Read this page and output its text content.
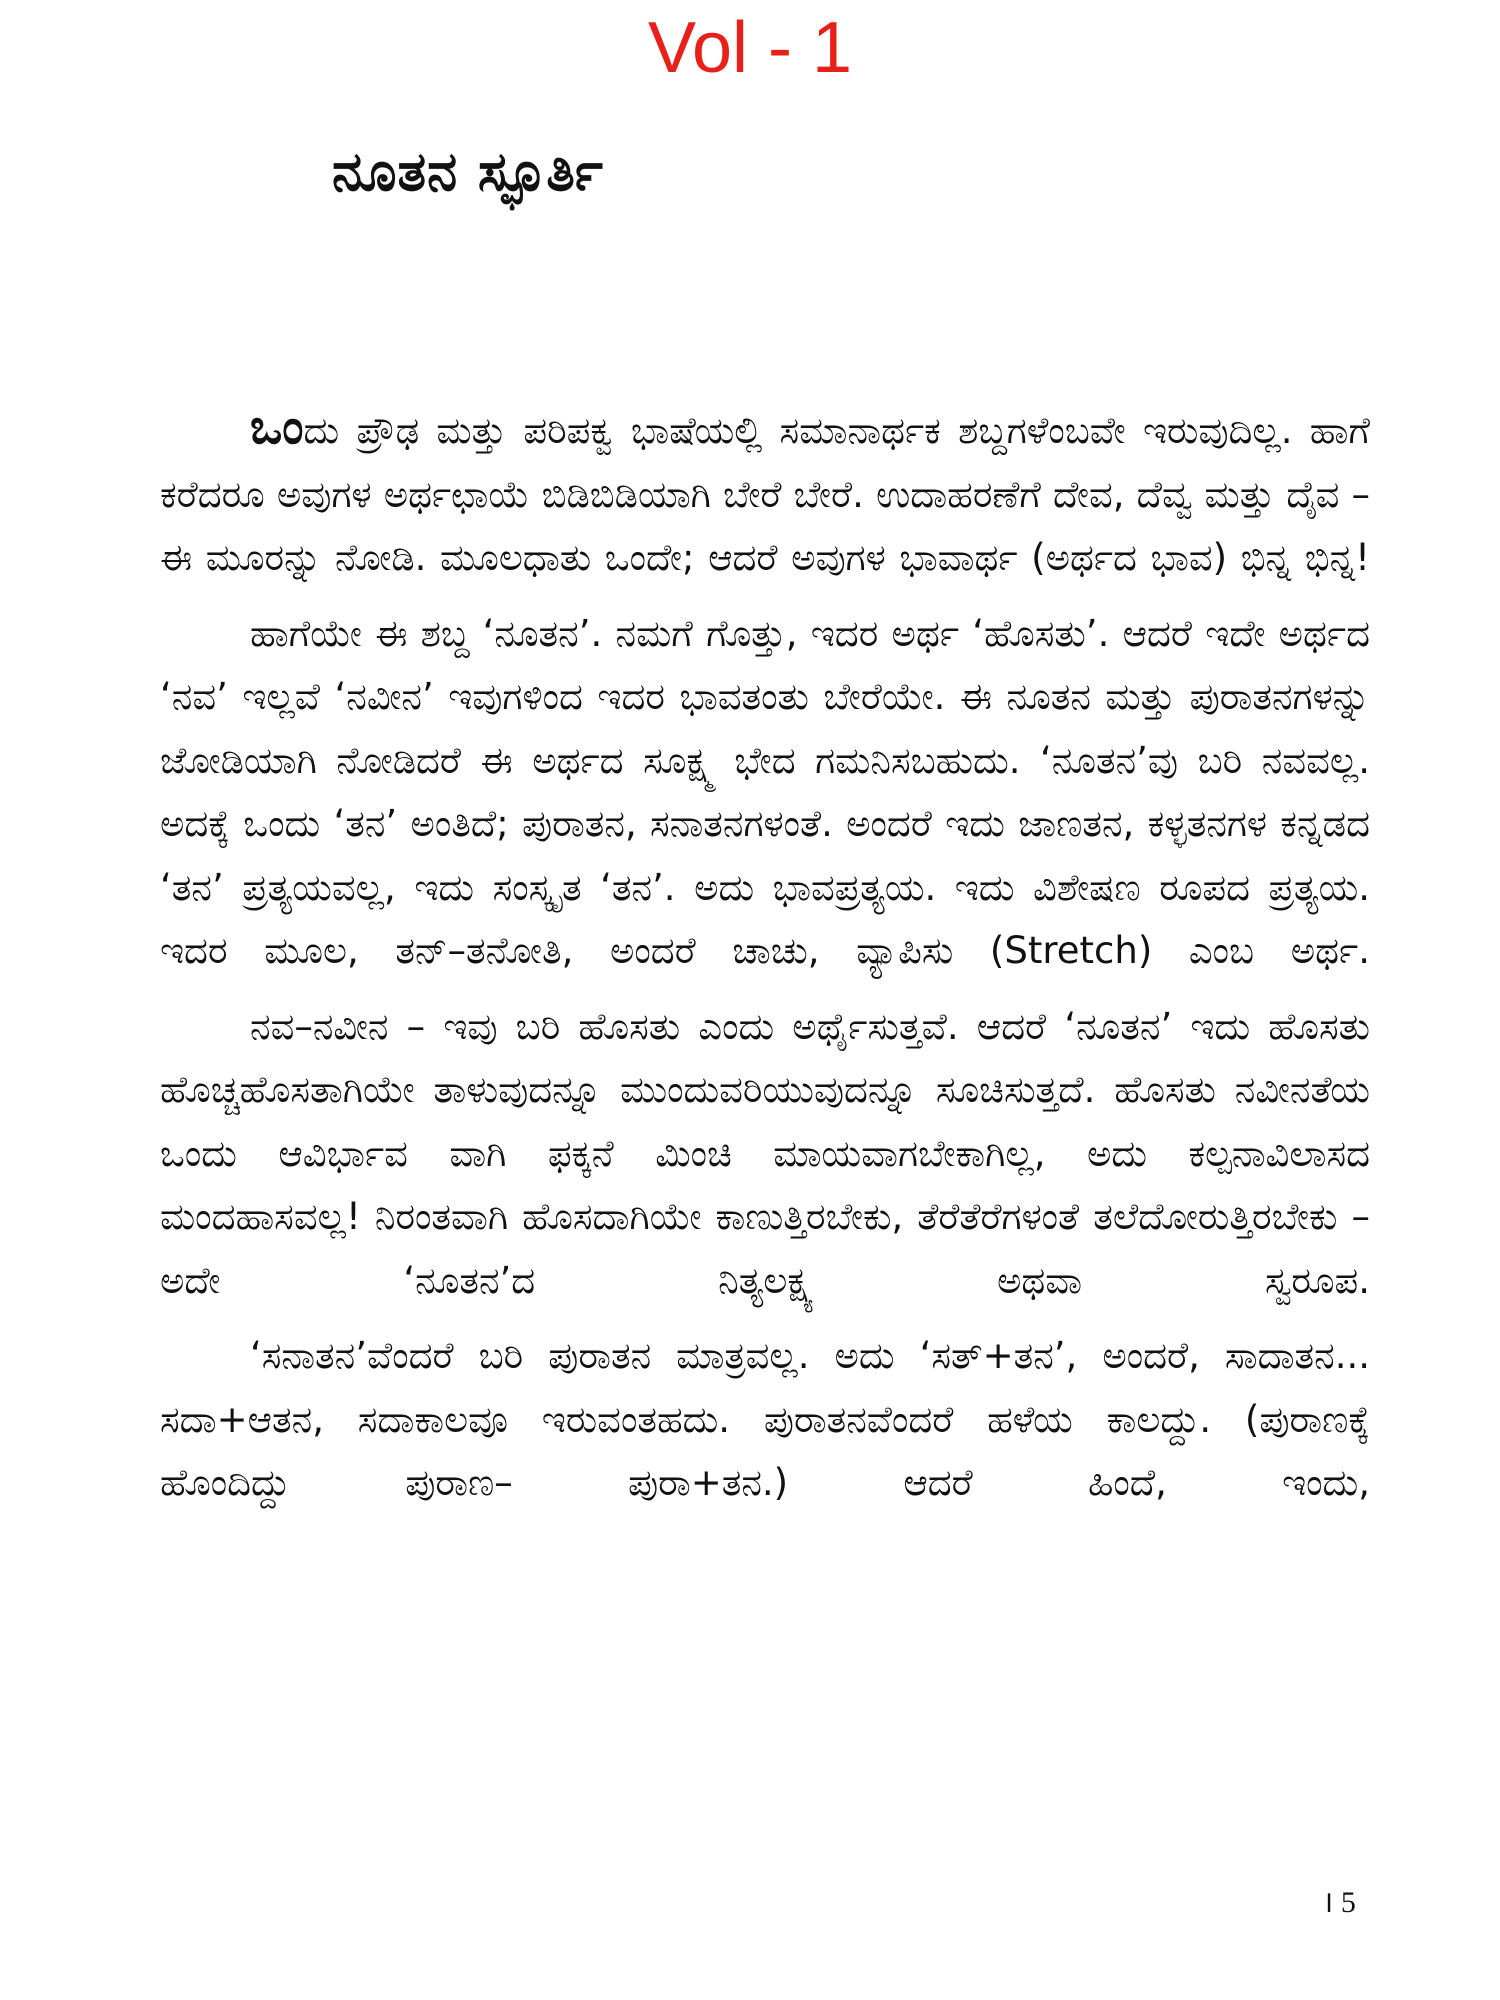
Vol - 1
ನೂತನ ಸ್ಫೂರ್ತಿ

ಒಂದು ಪ್ರೌಢ ಮತ್ತು ಪರಿಪಕ್ವ ಭಾಷೆಯಲ್ಲಿ ಸಮಾನಾರ್ಥಕ ಶಬ್ದಗಳೆಂಬವೇ ಇರುವುದಿಲ್ಲ. ಹಾಗೆ ಕರೆದರೂ ಅವುಗಳ ಅರ್ಥಛಾಯೆ ಬಿಡಿಬಿಡಿಯಾಗಿ ಬೇರೆ ಬೇರೆ. ಉದಾಹರಣೆಗೆ ದೇವ, ದೆವ್ವ ಮತ್ತು ದೈವ – ಈ ಮೂರನ್ನು ನೋಡಿ. ಮೂಲಧಾತು ಒಂದೇ; ಆದರೆ ಅವುಗಳ ಭಾವಾರ್ಥ (ಅರ್ಥದ ಭಾವ) ಭಿನ್ನ ಭಿನ್ನ!

ಹಾಗೆಯೇ ಈ ಶಬ್ದ ‘ನೂತನ’. ನಮಗೆ ಗೊತ್ತು, ಇದರ ಅರ್ಥ ‘ಹೊಸತು’. ಆದರೆ ಇದೇ ಅರ್ಥದ ‘ನವ’ ಇಲ್ಲವೆ ‘ನವೀನ’ ಇವುಗಳಿಂದ ಇದರ ಭಾವತಂತು ಬೇರೆಯೇ. ಈ ನೂತನ ಮತ್ತು ಪುರಾತನಗಳನ್ನು ಜೋಡಿಯಾಗಿ ನೋಡಿದರೆ ಈ ಅರ್ಥದ ಸೂಕ್ಷ್ಮ ಭೇದ ಗಮನಿಸಬಹುದು. ‘ನೂತನ’ವು ಬರಿ ನವವಲ್ಲ. ಅದಕ್ಕೆ ಒಂದು ‘ತನ’ ಅಂತಿದೆ; ಪುರಾತನ, ಸನಾತನಗಳಂತೆ. ಅಂದರೆ ಇದು ಜಾಣತನ, ಕಳ್ಳತನಗಳ ಕನ್ನಡದ ‘ತನ’ ಪ್ರತ್ಯಯವಲ್ಲ, ಇದು ಸಂಸ್ಕೃತ ‘ತನ’. ಅದು ಭಾವಪ್ರತ್ಯಯ. ಇದು ವಿಶೇಷಣ ರೂಪದ ಪ್ರತ್ಯಯ. ಇದರ ಮೂಲ, ತನ್–ತನೋತಿ, ಅಂದರೆ ಚಾಚು, ವ್ಯಾಪಿಸು (Stretch) ಎಂಬ ಅರ್ಥ.

ನವ–ನವೀನ – ಇವು ಬರಿ ಹೊಸತು ಎಂದು ಅರ್ಥೈಸುತ್ತವೆ. ಆದರೆ ‘ನೂತನ’ ಇದು ಹೊಸತು ಹೊಚ್ಚಹೊಸತಾಗಿಯೇ ತಾಳುವುದನ್ನೂ ಮುಂದುವರಿಯುವುದನ್ನೂ ಸೂಚಿಸುತ್ತದೆ. ಹೊಸತು ನವೀನತೆಯ ಒಂದು ಆವಿರ್ಭಾವ ವಾಗಿ ಫಕ್ಕನೆ ಮಿಂಚಿ ಮಾಯವಾಗಬೇಕಾಗಿಲ್ಲ, ಅದು ಕಲ್ಪನಾವಿಲಾಸದ ಮಂದಹಾಸವಲ್ಲ! ನಿರಂತವಾಗಿ ಹೊಸದಾಗಿಯೇ ಕಾಣುತ್ತಿರಬೇಕು, ತೆರೆತೆರೆಗಳಂತೆ ತಲೆದೋರುತ್ತಿರಬೇಕು – ಅದೇ ‘ನೂತನ’ದ ನಿತ್ಯಲಕ್ಷ್ಯ ಅಥವಾ ಸ್ವರೂಪ.

‘ಸನಾತನ’ವೆಂದರೆ ಬರಿ ಪುರಾತನ ಮಾತ್ರವಲ್ಲ. ಅದು ‘ಸತ್+ತನ’, ಅಂದರೆ, ಸಾದಾತನ... ಸದಾ+ಆತನ, ಸದಾಕಾಲವೂ ಇರುವಂತಹದು. ಪುರಾತನವೆಂದರೆ ಹಳೆಯ ಕಾಲದ್ದು. (ಪುರಾಣಕ್ಕೆ ಹೊಂದಿದ್ದು ಪುರಾಣ– ಪುರಾ+ತನ.) ಆದರೆ ಹಿಂದೆ, ಇಂದು,

। 5
